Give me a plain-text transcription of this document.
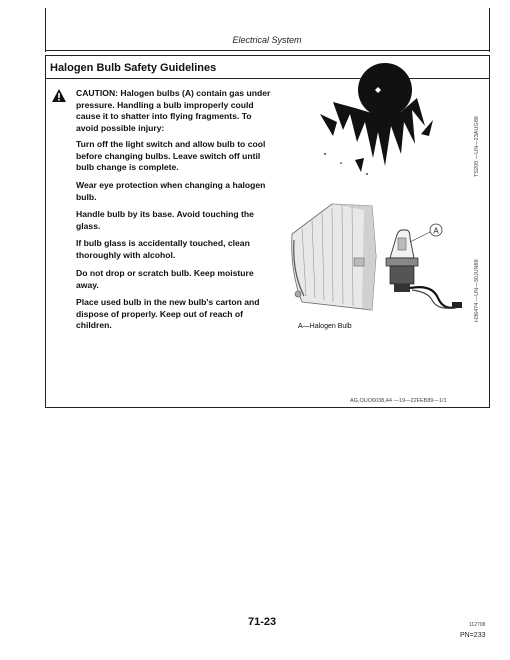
Electrical System
Halogen Bulb Safety Guidelines
CAUTION: Halogen bulbs (A) contain gas under pressure. Handling a bulb improperly could cause it to shatter into flying fragments. To avoid possible injury:
Turn off the light switch and allow bulb to cool before changing bulbs. Leave switch off until bulb change is complete.
Wear eye protection when changing a halogen bulb.
Handle bulb by its base. Avoid touching the glass.
If bulb glass is accidentally touched, clean thoroughly with alcohol.
Do not drop or scratch bulb. Keep moisture away.
Place used bulb in the new bulb's carton and dispose of properly. Keep out of reach of children.
TS205 —UN—23AUG88
A
H36474 —UN—30JUN88
A—Halogen Bulb
AG,OUO6038,44 —19—22FEB89—1/1
71-23	112708
PN=233
